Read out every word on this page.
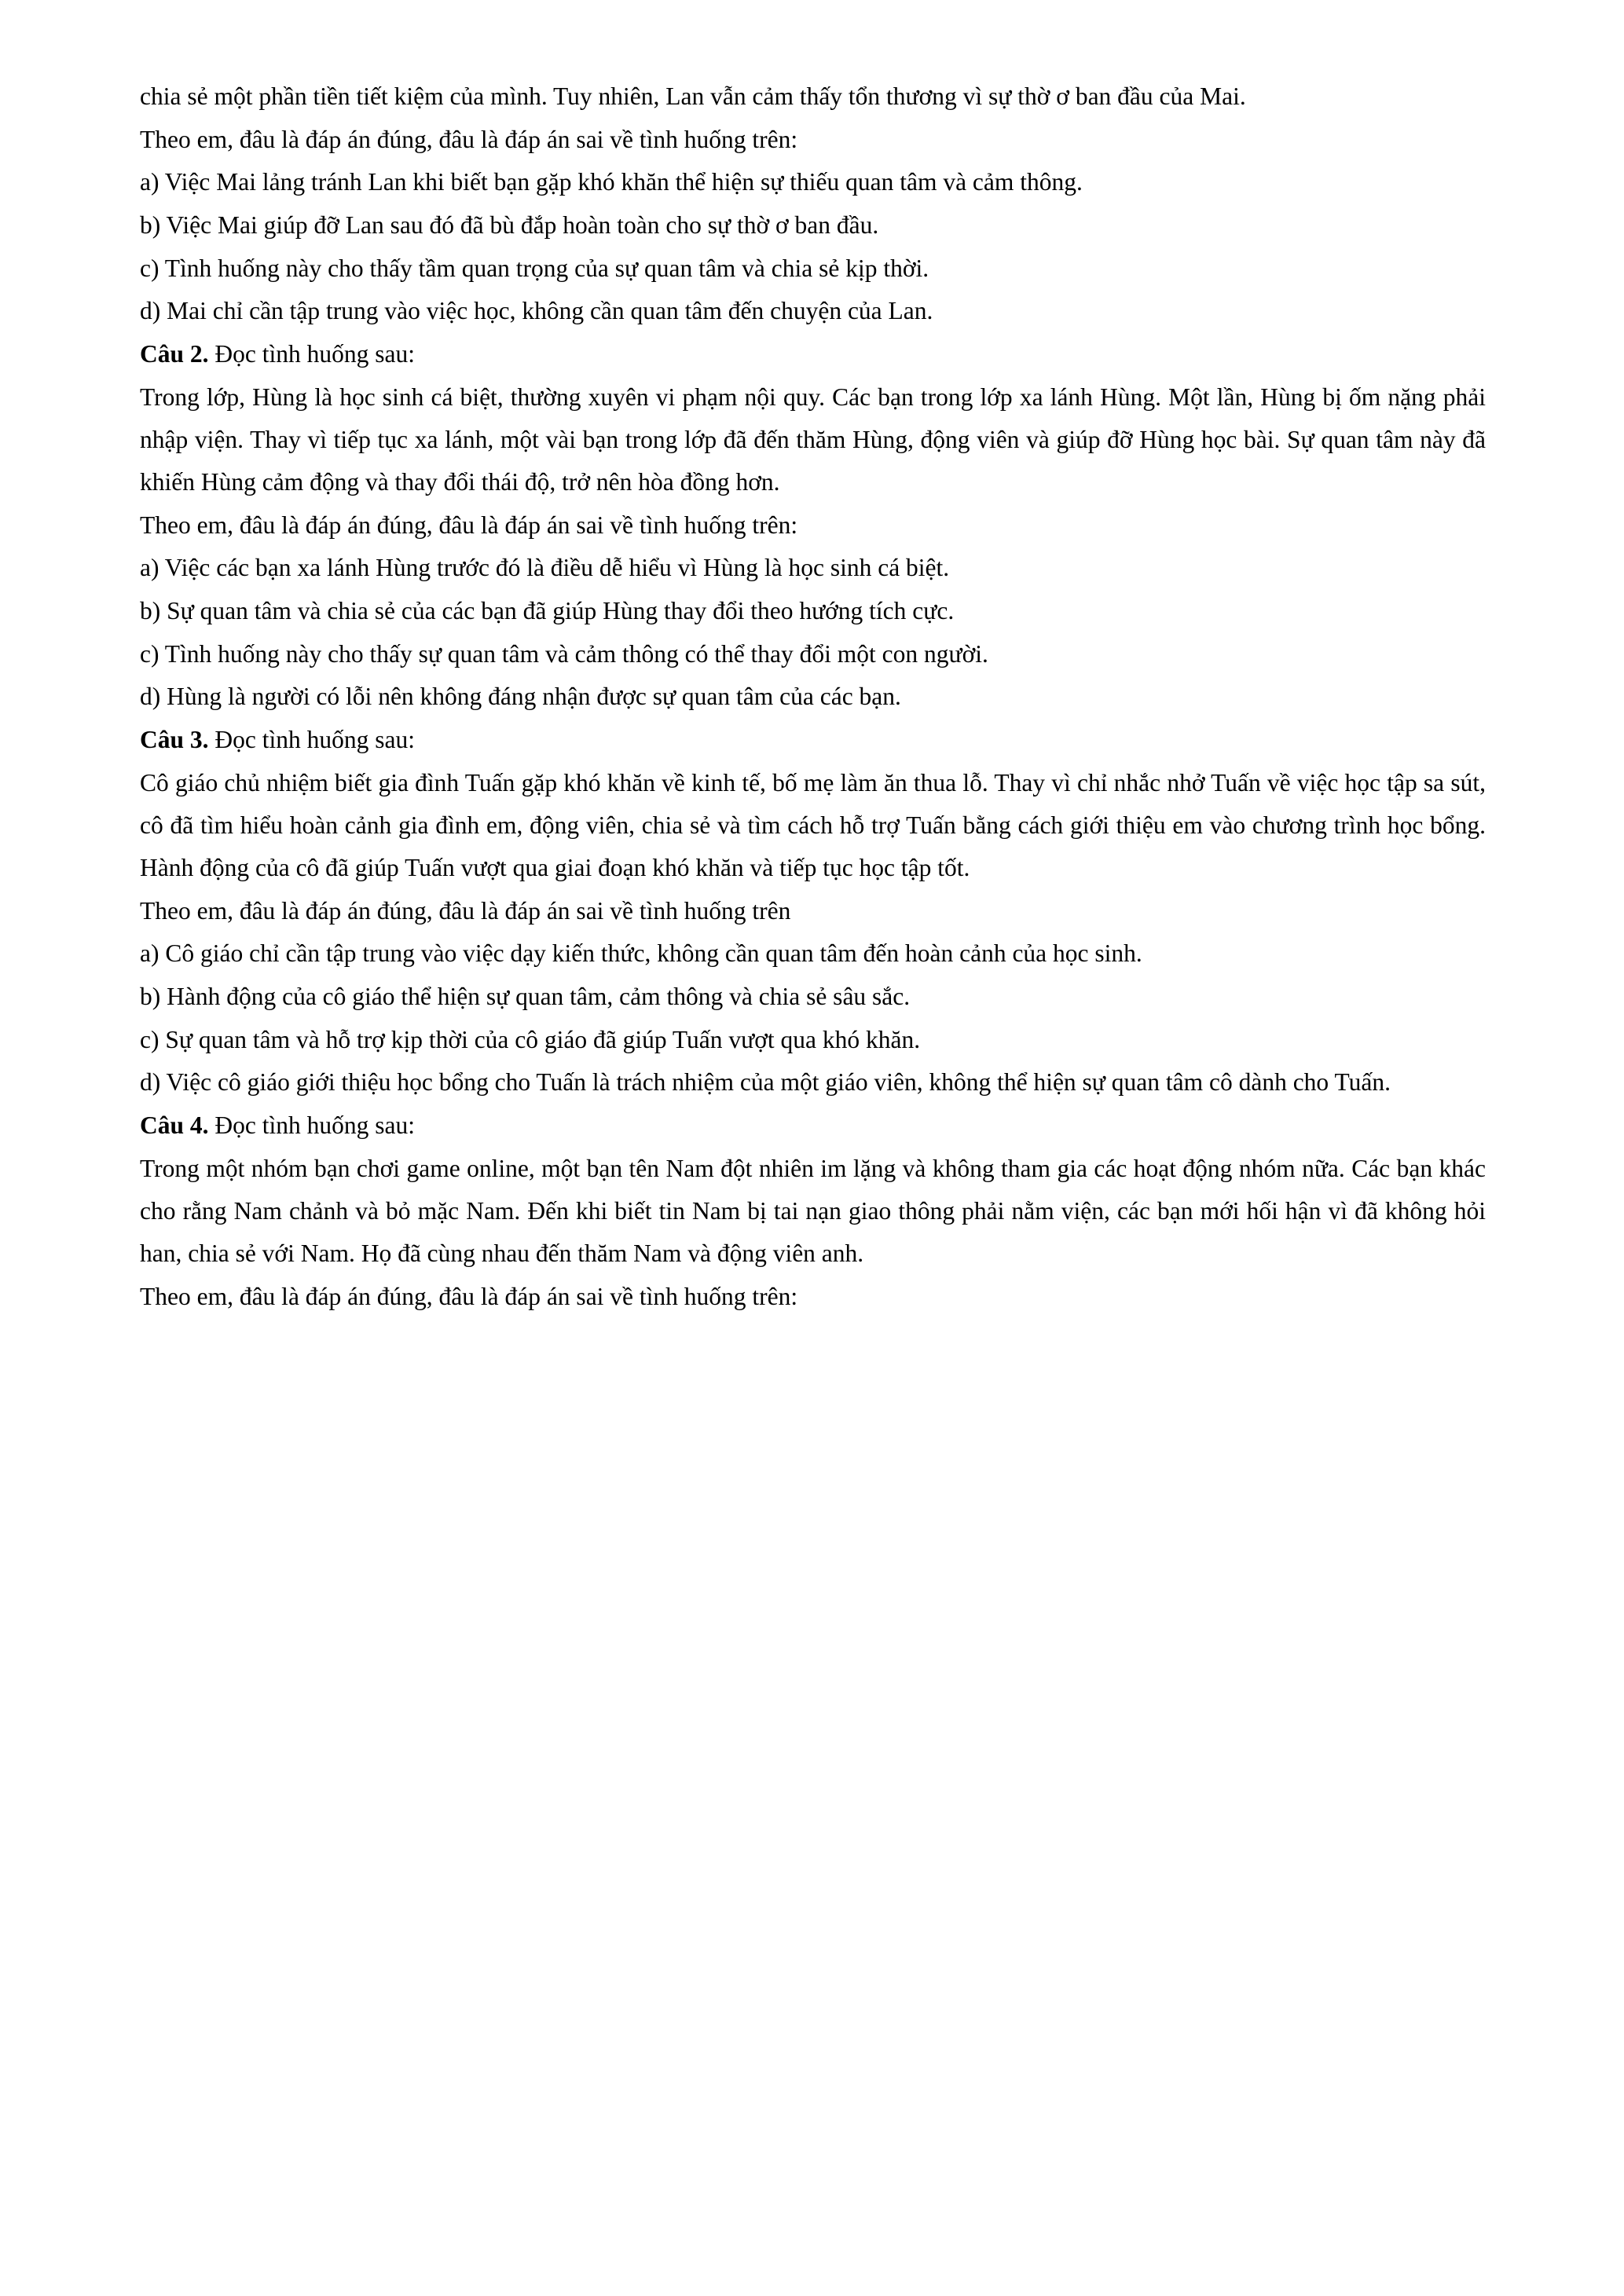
chia sẻ một phần tiền tiết kiệm của mình. Tuy nhiên, Lan vẫn cảm thấy tổn thương vì sự thờ ơ ban đầu của Mai.

Theo em, đâu là đáp án đúng, đâu là đáp án sai về tình huống trên:

a) Việc Mai lảng tránh Lan khi biết bạn gặp khó khăn thể hiện sự thiếu quan tâm và cảm thông.

b) Việc Mai giúp đỡ Lan sau đó đã bù đắp hoàn toàn cho sự thờ ơ ban đầu.

c) Tình huống này cho thấy tầm quan trọng của sự quan tâm và chia sẻ kịp thời.

d) Mai chỉ cần tập trung vào việc học, không cần quan tâm đến chuyện của Lan.

Câu 2. Đọc tình huống sau:

Trong lớp, Hùng là học sinh cá biệt, thường xuyên vi phạm nội quy. Các bạn trong lớp xa lánh Hùng. Một lần, Hùng bị ốm nặng phải nhập viện. Thay vì tiếp tục xa lánh, một vài bạn trong lớp đã đến thăm Hùng, động viên và giúp đỡ Hùng học bài. Sự quan tâm này đã khiến Hùng cảm động và thay đổi thái độ, trở nên hòa đồng hơn.

Theo em, đâu là đáp án đúng, đâu là đáp án sai về tình huống trên:

a) Việc các bạn xa lánh Hùng trước đó là điều dễ hiểu vì Hùng là học sinh cá biệt.

b) Sự quan tâm và chia sẻ của các bạn đã giúp Hùng thay đổi theo hướng tích cực.

c) Tình huống này cho thấy sự quan tâm và cảm thông có thể thay đổi một con người.

d) Hùng là người có lỗi nên không đáng nhận được sự quan tâm của các bạn.

Câu 3. Đọc tình huống sau:

Cô giáo chủ nhiệm biết gia đình Tuấn gặp khó khăn về kinh tế, bố mẹ làm ăn thua lỗ. Thay vì chỉ nhắc nhở Tuấn về việc học tập sa sút, cô đã tìm hiểu hoàn cảnh gia đình em, động viên, chia sẻ và tìm cách hỗ trợ Tuấn bằng cách giới thiệu em vào chương trình học bổng. Hành động của cô đã giúp Tuấn vượt qua giai đoạn khó khăn và tiếp tục học tập tốt.

Theo em, đâu là đáp án đúng, đâu là đáp án sai về tình huống trên

a) Cô giáo chỉ cần tập trung vào việc dạy kiến thức, không cần quan tâm đến hoàn cảnh của học sinh.

b) Hành động của cô giáo thể hiện sự quan tâm, cảm thông và chia sẻ sâu sắc.

c) Sự quan tâm và hỗ trợ kịp thời của cô giáo đã giúp Tuấn vượt qua khó khăn.

d) Việc cô giáo giới thiệu học bổng cho Tuấn là trách nhiệm của một giáo viên, không thể hiện sự quan tâm cô dành cho Tuấn.

Câu 4. Đọc tình huống sau:

Trong một nhóm bạn chơi game online, một bạn tên Nam đột nhiên im lặng và không tham gia các hoạt động nhóm nữa. Các bạn khác cho rằng Nam chảnh và bỏ mặc Nam. Đến khi biết tin Nam bị tai nạn giao thông phải nằm viện, các bạn mới hối hận vì đã không hỏi han, chia sẻ với Nam. Họ đã cùng nhau đến thăm Nam và động viên anh.

Theo em, đâu là đáp án đúng, đâu là đáp án sai về tình huống trên:
